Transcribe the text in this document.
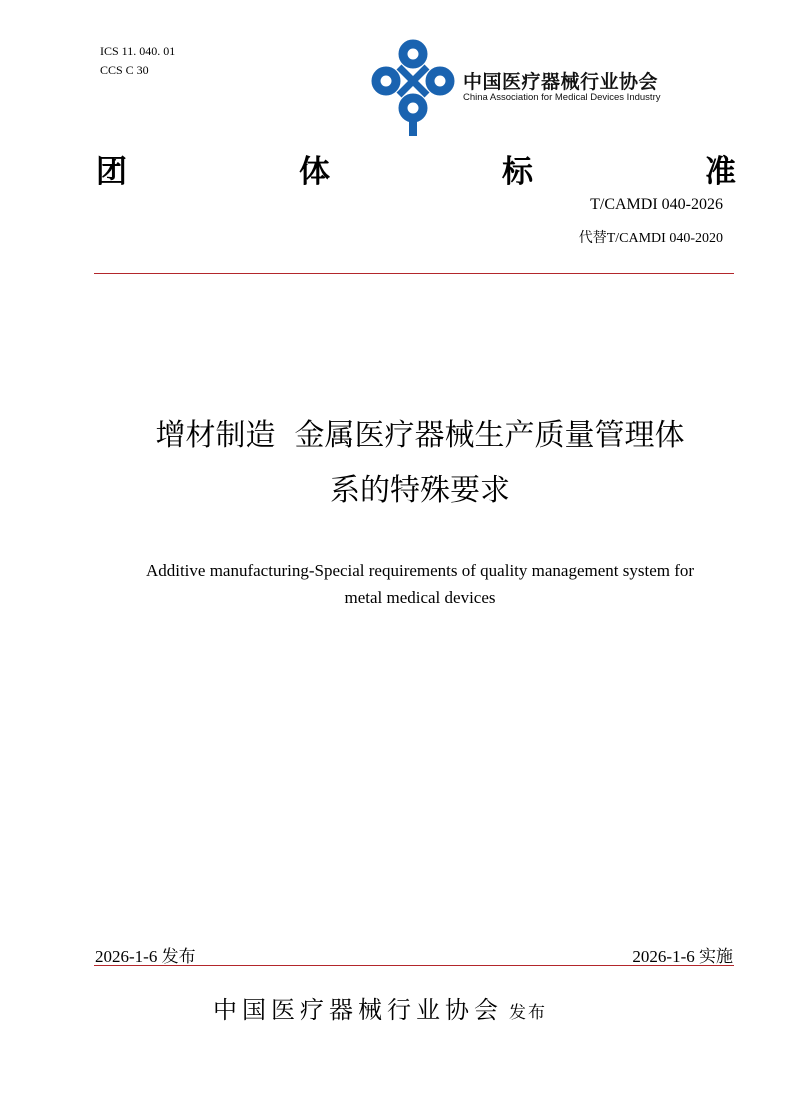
ICS 11. 040. 01
CCS C 30
中国医疗器械行业协会
China Association for Medical Devices Industry
团	体	标	准
T/CAMDI 040-2026
代替T/CAMDI 040-2020
增材制造  金属医疗器械生产质量管理体
系的特殊要求
Additive manufacturing-Special requirements of quality management system for
metal medical devices
2026-1-6 发布	2026-1-6 实施
中国医疗器械行业协会 发布
